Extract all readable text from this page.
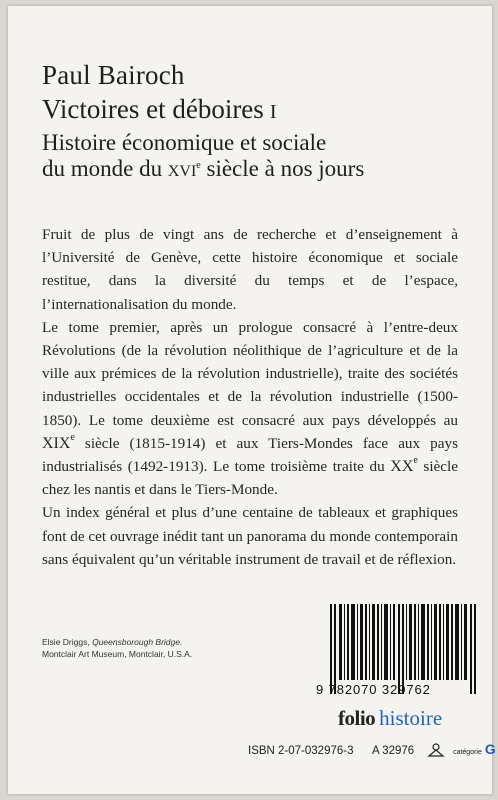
Paul Bairoch
Victoires et déboires I
Histoire économique et sociale
du monde du XVIe siècle à nos jours

Fruit de plus de vingt ans de recherche et d’enseignement à l’Université de Genève, cette histoire économique et sociale restitue, dans la diversité du temps et de l’espace, l’internationalisation du monde.

Le tome premier, après un prologue consacré à l’entre-deux Révolutions (de la révolution néolithique de l’agriculture et de la ville aux prémices de la révolution industrielle), traite des sociétés industrielles occidentales et de la révolution industrielle (1500-1850). Le tome deuxième est consacré aux pays développés au XIXe siècle (1815-1914) et aux Tiers-Mondes face aux pays industrialisés (1492-1913). Le tome troisième traite du XXe siècle chez les nantis et dans le Tiers-Monde.

Un index général et plus d’une centaine de tableaux et graphiques font de cet ouvrage inédit tant un panorama du monde contemporain sans équivalent qu’un véritable instrument de travail et de réflexion.

Elsie Driggs, Queensborough Bridge.
Montclair Art Museum, Montclair, U.S.A.
9 782070 329762
folio histoire
ISBN 2-07-032976-3 A 32976	catégorie G
